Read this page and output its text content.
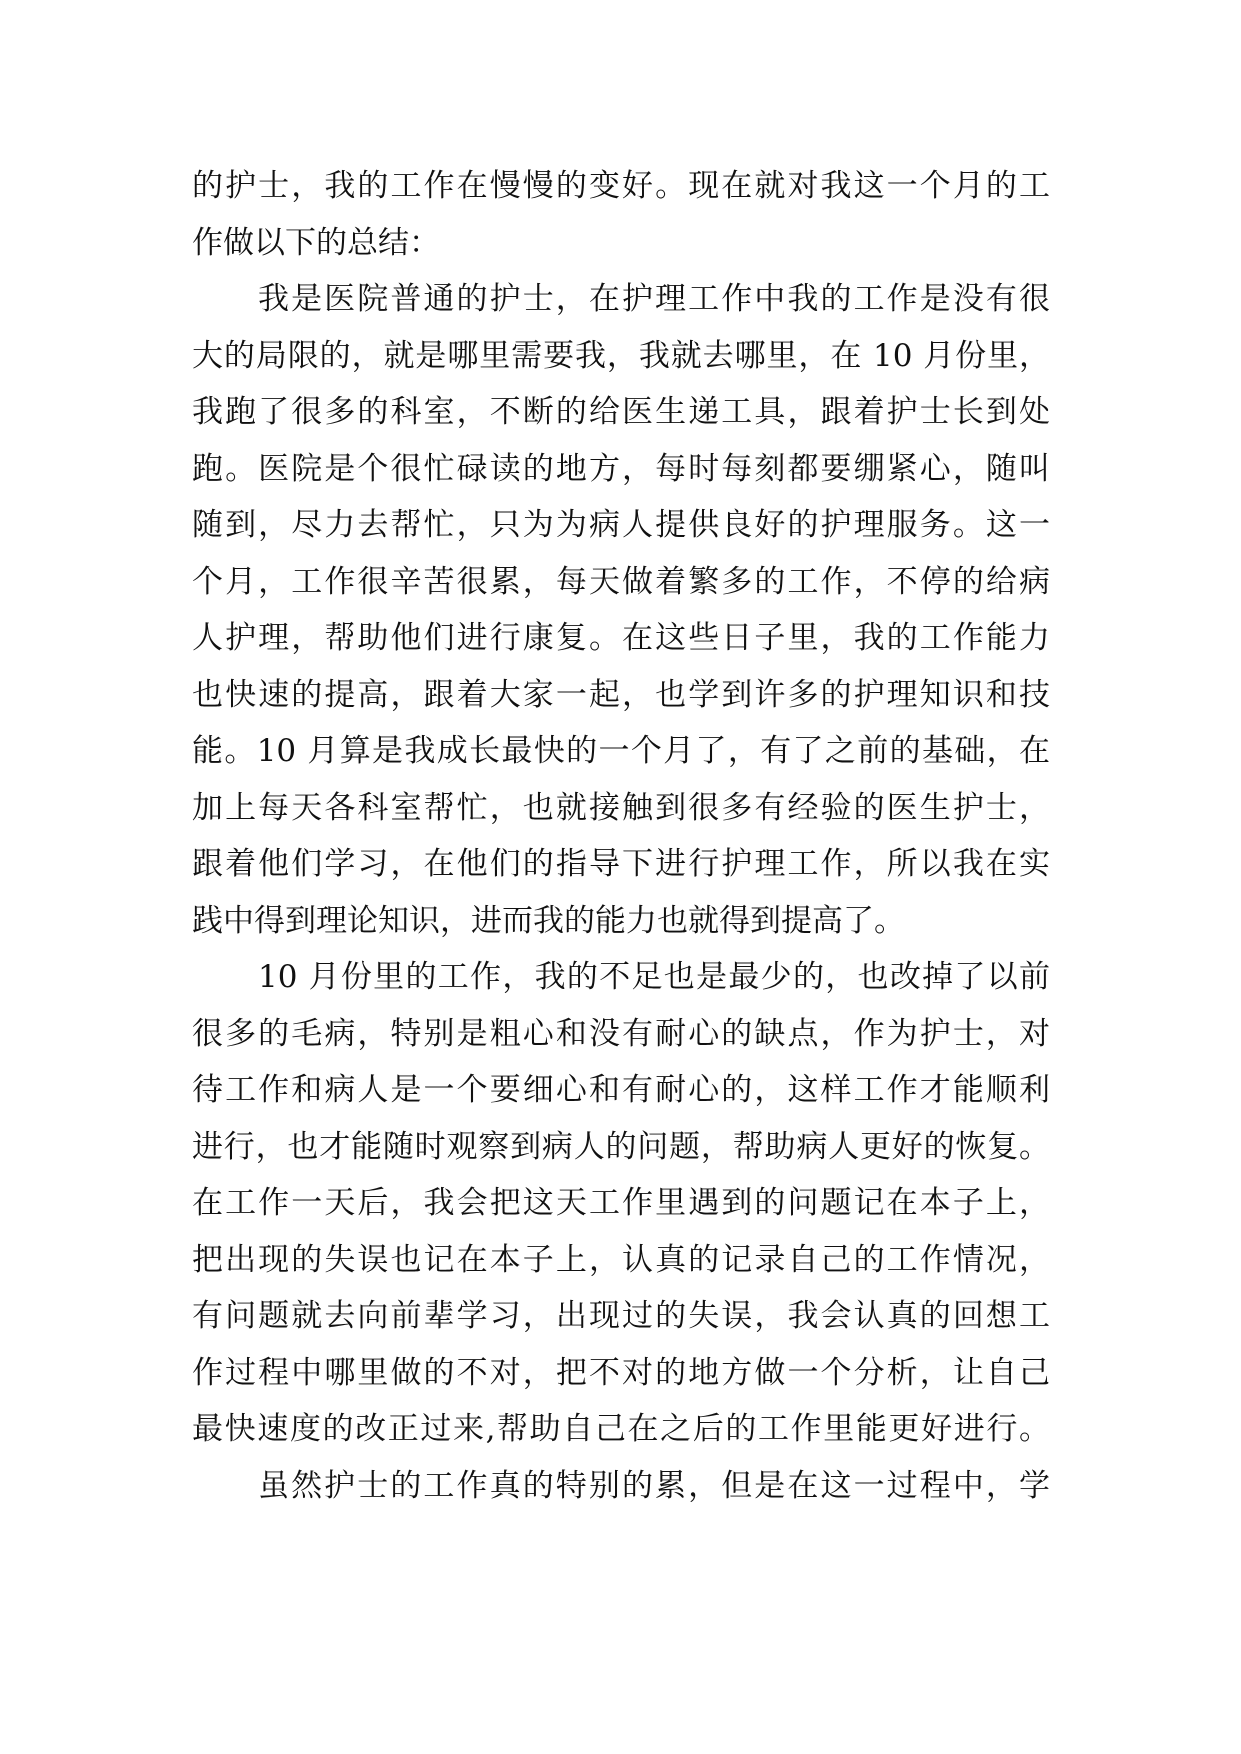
的护士，我的工作在慢慢的变好。现在就对我这一个月的工
作做以下的总结：
我是医院普通的护士，在护理工作中我的工作是没有很
大的局限的，就是哪里需要我，我就去哪里，在 10 月份里，
我跑了很多的科室，不断的给医生递工具，跟着护士长到处
跑。医院是个很忙碌读的地方，每时每刻都要绷紧心，随叫
随到，尽力去帮忙，只为为病人提供良好的护理服务。这一
个月，工作很辛苦很累，每天做着繁多的工作，不停的给病
人护理，帮助他们进行康复。在这些日子里，我的工作能力
也快速的提高，跟着大家一起，也学到许多的护理知识和技
能。10 月算是我成长最快的一个月了，有了之前的基础，在
加上每天各科室帮忙，也就接触到很多有经验的医生护士，
跟着他们学习，在他们的指导下进行护理工作，所以我在实
践中得到理论知识，进而我的能力也就得到提高了。
10 月份里的工作，我的不足也是最少的，也改掉了以前
很多的毛病，特别是粗心和没有耐心的缺点，作为护士，对
待工作和病人是一个要细心和有耐心的，这样工作才能顺利
进行，也才能随时观察到病人的问题，帮助病人更好的恢复。
在工作一天后，我会把这天工作里遇到的问题记在本子上，
把出现的失误也记在本子上，认真的记录自己的工作情况，
有问题就去向前辈学习，出现过的失误，我会认真的回想工
作过程中哪里做的不对，把不对的地方做一个分析，让自己
最快速度的改正过来,帮助自己在之后的工作里能更好进行。
虽然护士的工作真的特别的累，但是在这一过程中，学
